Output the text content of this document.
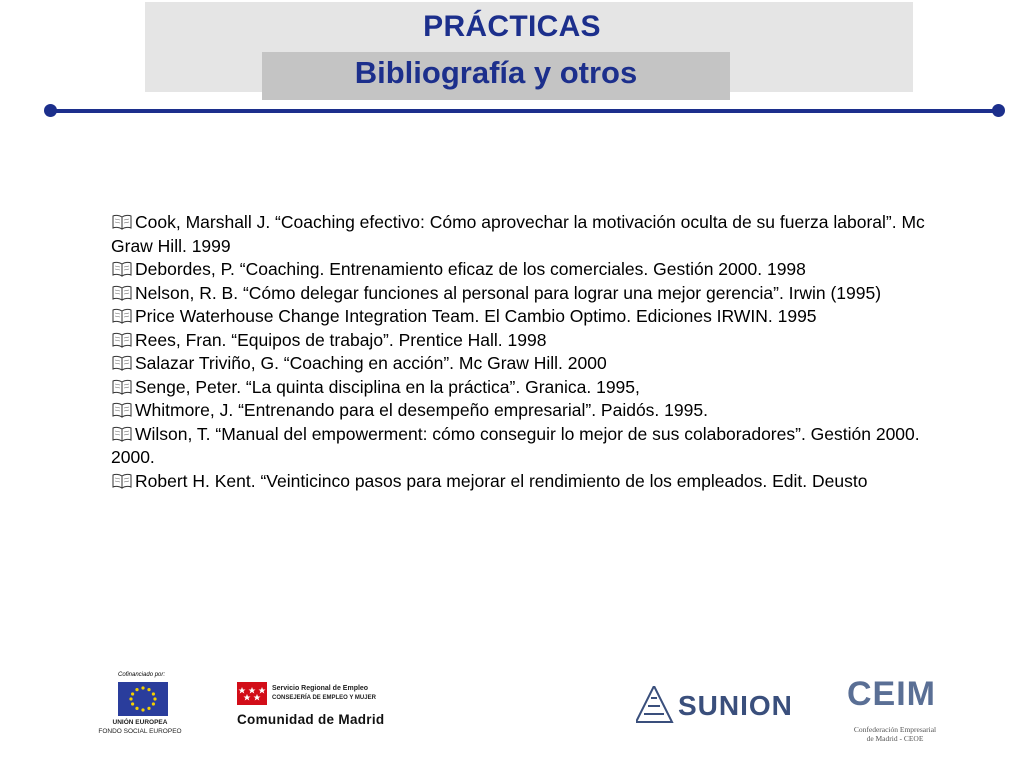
PRÁCTICAS
Bibliografía y otros
Cook, Marshall J. “Coaching efectivo: Cómo aprovechar la motivación oculta de su fuerza laboral”. Mc Graw Hill. 1999
Debordes, P. “Coaching. Entrenamiento eficaz de los comerciales. Gestión 2000. 1998
Nelson, R. B. “Cómo delegar funciones al personal para lograr una mejor gerencia”. Irwin (1995)
Price Waterhouse Change Integration Team. El Cambio Optimo. Ediciones IRWIN. 1995
Rees, Fran. “Equipos de trabajo”. Prentice Hall. 1998
Salazar Triviño, G. “Coaching en acción”. Mc Graw Hill. 2000
Senge, Peter. “La quinta disciplina en la práctica”. Granica. 1995,
Whitmore, J. “Entrenando para el desempeño empresarial”. Paidós. 1995.
Wilson, T. “Manual del empowerment: cómo conseguir lo mejor de sus colaboradores”. Gestión 2000. 2000.
Robert H. Kent. “Veinticinco pasos para mejorar el rendimiento de los empleados. Edit. Deusto
Cofinanciado por:
UNIÓN EUROPEA
FONDO SOCIAL EUROPEO
Servicio Regional de Empleo
CONSEJERÍA DE EMPLEO Y MUJER
Comunidad de Madrid	SUNION CEIM
Confederación Empresarial
de Madrid - CEOE
